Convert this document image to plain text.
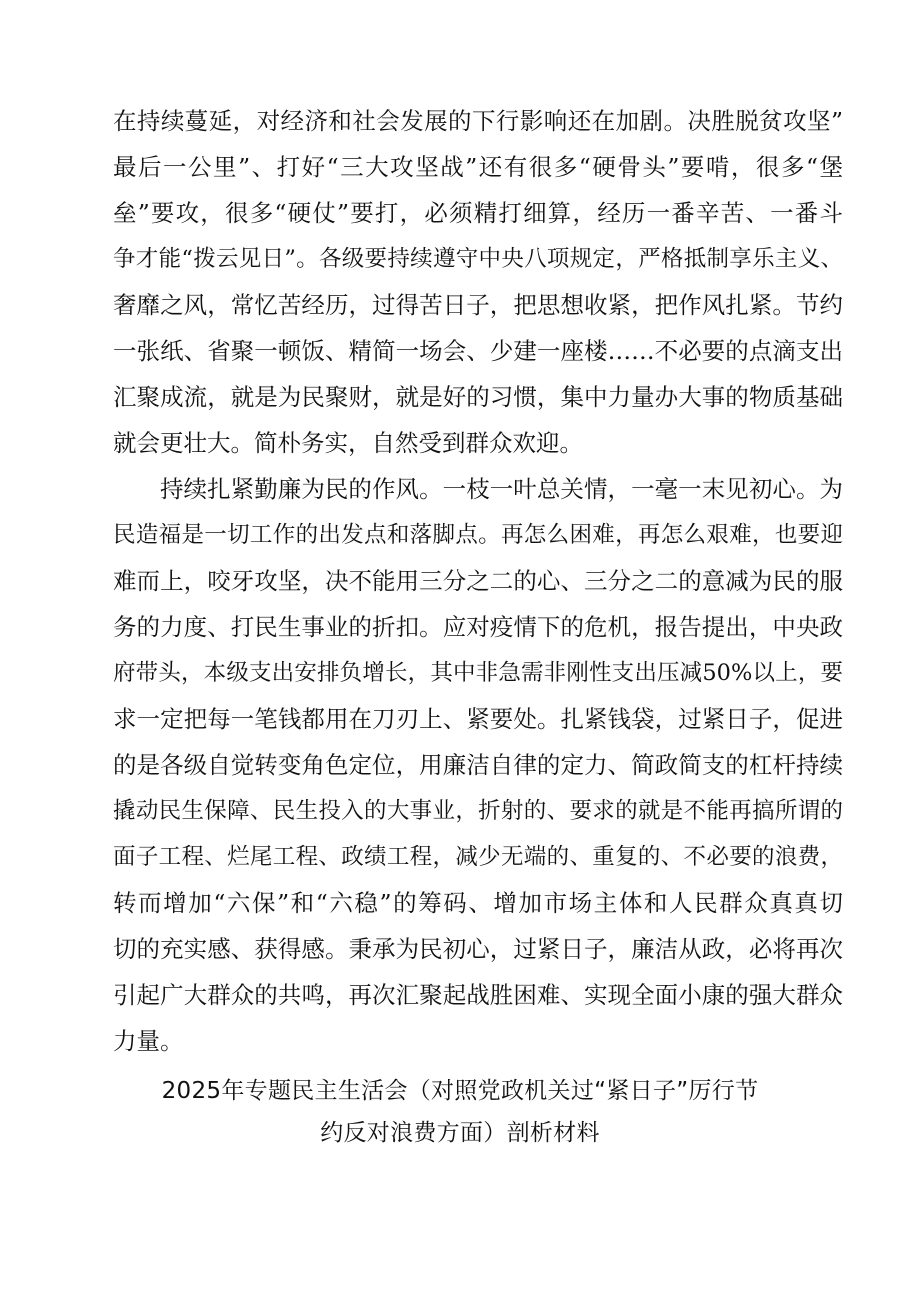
在持续蔓延，对经济和社会发展的下行影响还在加剧。决胜脱贫攻坚”
最后一公里”、打好“三大攻坚战”还有很多“硬骨头”要啃，很多“堡
垒”要攻，很多“硬仗”要打，必须精打细算，经历一番辛苦、一番斗
争才能“拨云见日”。各级要持续遵守中央八项规定，严格抵制享乐主义、
奢靡之风，常忆苦经历，过得苦日子，把思想收紧，把作风扎紧。节约
一张纸、省聚一顿饭、精简一场会、少建一座楼……不必要的点滴支出
汇聚成流，就是为民聚财，就是好的习惯，集中力量办大事的物质基础
就会更壮大。简朴务实，自然受到群众欢迎。
持续扎紧勤廉为民的作风。一枝一叶总关情，一毫一末见初心。为
民造福是一切工作的出发点和落脚点。再怎么困难，再怎么艰难，也要迎
难而上，咬牙攻坚，决不能用三分之二的心、三分之二的意减为民的服
务的力度、打民生事业的折扣。应对疫情下的危机，报告提出，中央政
府带头，本级支出安排负增长，其中非急需非刚性支出压减50%以上，要
求一定把每一笔钱都用在刀刃上、紧要处。扎紧钱袋，过紧日子，促进
的是各级自觉转变角色定位，用廉洁自律的定力、简政简支的杠杆持续
撬动民生保障、民生投入的大事业，折射的、要求的就是不能再搞所谓的
面子工程、烂尾工程、政绩工程，减少无端的、重复的、不必要的浪费，
转而增加“六保”和“六稳”的筹码、增加市场主体和人民群众真真切
切的充实感、获得感。秉承为民初心，过紧日子，廉洁从政，必将再次
引起广大群众的共鸣，再次汇聚起战胜困难、实现全面小康的强大群众
力量。
2025年专题民主生活会（对照党政机关过“紧日子”厉行节
约反对浪费方面）剖析材料
